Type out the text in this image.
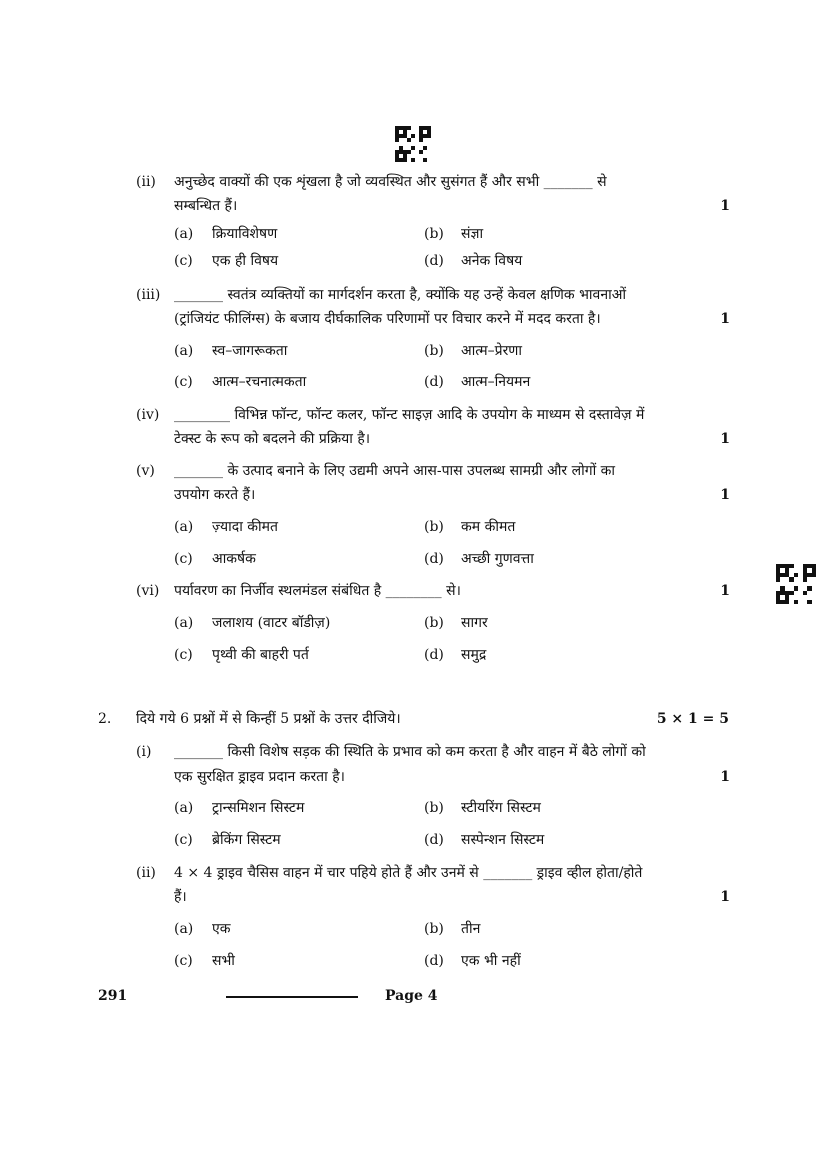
(ii) अनुच्छेद वाक्यों की एक शृंखला है जो व्यवस्थित और सुसंगत हैं और सभी _______ से
सम्बन्धित हैं।	1
(a) क्रियाविशेषण	(b) संज्ञा
(c) एक ही विषय	(d) अनेक विषय
(iii) _______ स्वतंत्र व्यक्तियों का मार्गदर्शन करता है, क्योंकि यह उन्हें केवल क्षणिक भावनाओं
(ट्रांजियंट फीलिंग्स) के बजाय दीर्घकालिक परिणामों पर विचार करने में मदद करता है।	1
(a) स्व–जागरूकता	(b) आत्म–प्रेरणा
(c) आत्म–रचनात्मकता	(d) आत्म–नियमन
(iv) ________ विभिन्न फॉन्ट, फॉन्ट कलर, फॉन्ट साइज़ आदि के उपयोग के माध्यम से दस्तावेज़ में
टेक्स्ट के रूप को बदलने की प्रक्रिया है।	1
(v) _______ के उत्पाद बनाने के लिए उद्यमी अपने आस-पास उपलब्ध सामग्री और लोगों का
उपयोग करते हैं।	1
(a) ज़्यादा कीमत	(b) कम कीमत
(c) आकर्षक	(d) अच्छी गुणवत्ता
(vi) पर्यावरण का निर्जीव स्थलमंडल संबंधित है ________ से।	1
(a) जलाशय (वाटर बॉडीज़)	(b) सागर
(c) पृथ्वी की बाहरी पर्त	(d) समुद्र
2. दिये गये 6 प्रश्नों में से किन्हीं 5 प्रश्नों के उत्तर दीजिये।	5 × 1 = 5
(i) _______ किसी विशेष सड़क की स्थिति के प्रभाव को कम करता है और वाहन में बैठे लोगों को
एक सुरक्षित ड्राइव प्रदान करता है।	1
(a) ट्रान्समिशन सिस्टम	(b) स्टीयरिंग सिस्टम
(c) ब्रेकिंग सिस्टम	(d) सस्पेन्शन सिस्टम
(ii) 4 × 4 ड्राइव चैसिस वाहन में चार पहिये होते हैं और उनमें से _______ ड्राइव व्हील होता/होते
हैं।	1
(a) एक	(b) तीन
(c) सभी	(d) एक भी नहीं
291	Page 4
